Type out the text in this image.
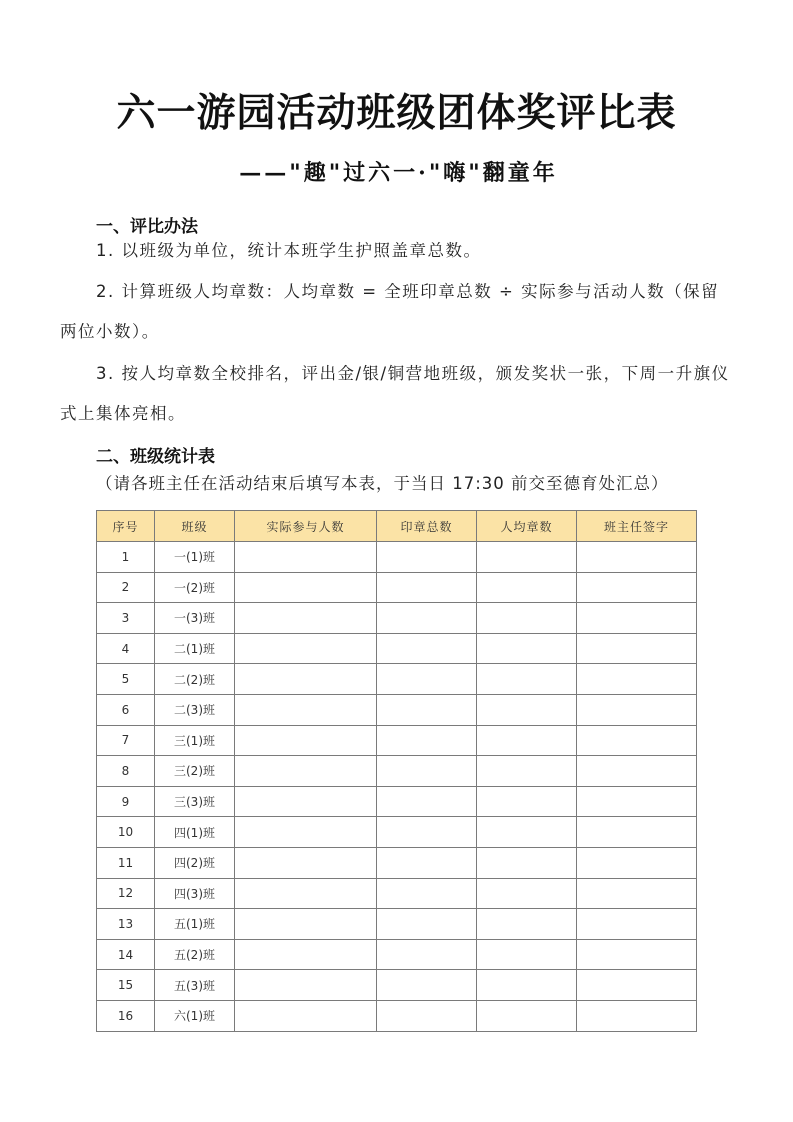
六一游园活动班级团体奖评比表
——"趣"过六一·"嗨"翻童年
一、评比办法

1. 以班级为单位，统计本班学生护照盖章总数。

2. 计算班级人均章数：人均章数 = 全班印章总数 ÷ 实际参与活动人数（保留两位小数）。

3. 按人均章数全校排名，评出金/银/铜营地班级，颁发奖状一张，下周一升旗仪式上集体亮相。

二、班级统计表
（请各班主任在活动结束后填写本表，于当日 17:30 前交至德育处汇总）
序号	班级	实际参与人数	印章总数	人均章数	班主任签字
1	一(1)班				
2	一(2)班				
3	一(3)班				
4	二(1)班				
5	二(2)班				
6	二(3)班				
7	三(1)班				
8	三(2)班				
9	三(3)班				
10	四(1)班				
11	四(2)班				
12	四(3)班				
13	五(1)班				
14	五(2)班				
15	五(3)班				
16	六(1)班				
